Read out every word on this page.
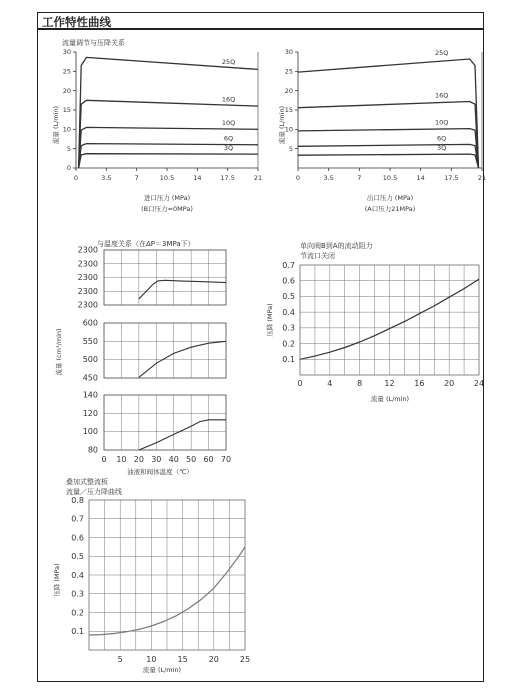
工作特性曲线
流量调节与压降关系
进口压力 (MPa)
(B口压力=0MPa)
流量 (L/min)
0	3.5	7	10.5	14	17.5	21
0
5
10
15
20
25
30
25Q
16Q
10Q
6Q
3Q
出口压力 (MPa)
(A口压力21MPa)
流量 (L/min)
0	3.5	7	10.5	14	17.5	21
5
10
15
20
25
30	25Q
16Q
10Q
6Q
3Q
与温度关系（在ΔP＝3MPa下）
油液和阀体温度（℃）
流量 (cm³/min)
2300
2300
2300
2300
2300
450
500
550
600
80
100
120
140
0 10 20 30 40 50 60 70
单向阀B到A的流动阻力
节流口关闭
流量 (L/min)
压降 (MPa)
0	4	8	12 16 20 24
0.1
0.2
0.3
0.4
0.5
0.6
0.7
叠加式整流板
流量／压力降曲线
流量 (L/min)
压降 (MPa)
5	10	15	20	25
0.1
0.2
0.3
0.4
0.5
0.6
0.7
0.8
